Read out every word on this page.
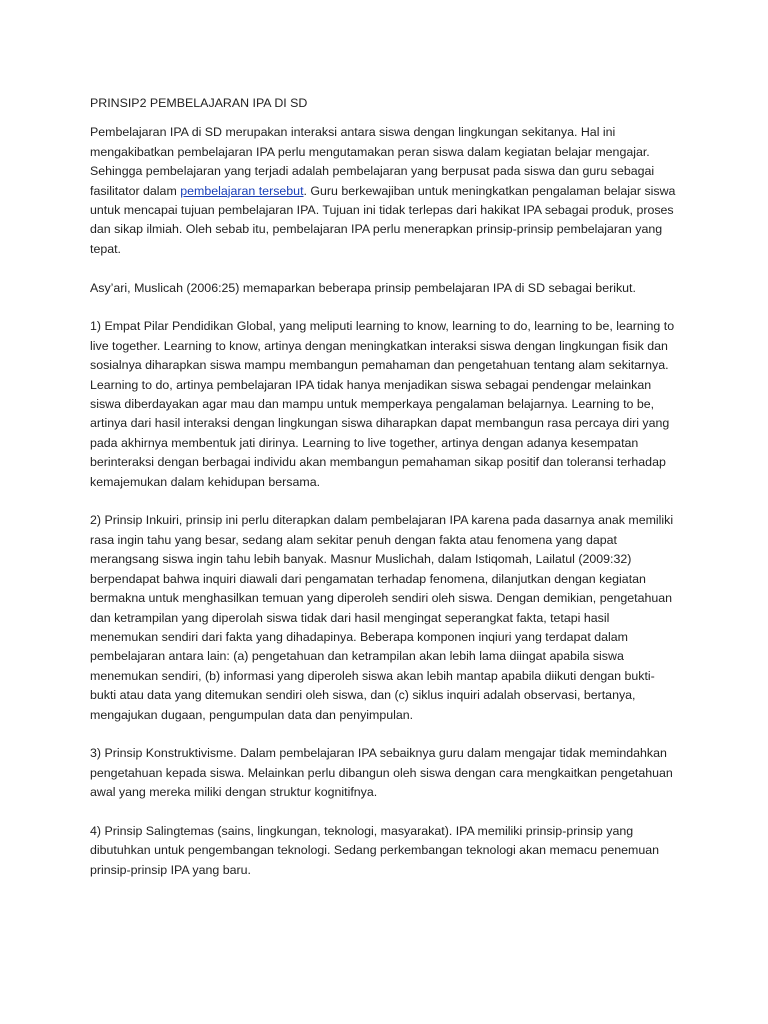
PRINSIP2 PEMBELAJARAN IPA DI SD

Pembelajaran IPA di SD merupakan interaksi antara siswa dengan lingkungan sekitanya. Hal ini mengakibatkan pembelajaran IPA perlu mengutamakan peran siswa dalam kegiatan belajar mengajar. Sehingga pembelajaran yang terjadi adalah pembelajaran yang berpusat pada siswa dan guru sebagai fasilitator dalam pembelajaran tersebut. Guru berkewajiban untuk meningkatkan pengalaman belajar siswa untuk mencapai tujuan pembelajaran IPA. Tujuan ini tidak terlepas dari hakikat IPA sebagai produk, proses dan sikap ilmiah. Oleh sebab itu, pembelajaran IPA perlu menerapkan prinsip-prinsip pembelajaran yang tepat.

Asy’ari, Muslicah (2006:25) memaparkan beberapa prinsip pembelajaran IPA di SD sebagai berikut.

1) Empat Pilar Pendidikan Global, yang meliputi learning to know, learning to do, learning to be, learning to live together. Learning to know, artinya dengan meningkatkan interaksi siswa dengan lingkungan fisik dan sosialnya diharapkan siswa mampu membangun pemahaman dan pengetahuan tentang alam sekitarnya. Learning to do, artinya pembelajaran IPA tidak hanya menjadikan siswa sebagai pendengar melainkan siswa diberdayakan agar mau dan mampu untuk memperkaya pengalaman belajarnya. Learning to be, artinya dari hasil interaksi dengan lingkungan siswa diharapkan dapat membangun rasa percaya diri yang pada akhirnya membentuk jati dirinya. Learning to live together, artinya dengan adanya kesempatan berinteraksi dengan berbagai individu akan membangun pemahaman sikap positif dan toleransi terhadap kemajemukan dalam kehidupan bersama.

2) Prinsip Inkuiri, prinsip ini perlu diterapkan dalam pembelajaran IPA karena pada dasarnya anak memiliki rasa ingin tahu yang besar, sedang alam sekitar penuh dengan fakta atau fenomena yang dapat merangsang siswa ingin tahu lebih banyak. Masnur Muslichah, dalam Istiqomah, Lailatul (2009:32) berpendapat bahwa inquiri diawali dari pengamatan terhadap fenomena, dilanjutkan dengan kegiatan bermakna untuk menghasilkan temuan yang diperoleh sendiri oleh siswa. Dengan demikian, pengetahuan dan ketrampilan yang diperolah siswa tidak dari hasil mengingat seperangkat fakta, tetapi hasil menemukan sendiri dari fakta yang dihadapinya. Beberapa komponen inqiuri yang terdapat dalam pembelajaran antara lain: (a) pengetahuan dan ketrampilan akan lebih lama diingat apabila siswa menemukan sendiri, (b) informasi yang diperoleh siswa akan lebih mantap apabila diikuti dengan bukti-bukti atau data yang ditemukan sendiri oleh siswa, dan (c) siklus inquiri adalah observasi, bertanya, mengajukan dugaan, pengumpulan data dan penyimpulan.

3) Prinsip Konstruktivisme. Dalam pembelajaran IPA sebaiknya guru dalam mengajar tidak memindahkan pengetahuan kepada siswa. Melainkan perlu dibangun oleh siswa dengan cara mengkaitkan pengetahuan awal yang mereka miliki dengan struktur kognitifnya.

4) Prinsip Salingtemas (sains, lingkungan, teknologi, masyarakat). IPA memiliki prinsip-prinsip yang dibutuhkan untuk pengembangan teknologi. Sedang perkembangan teknologi akan memacu penemuan prinsip-prinsip IPA yang baru.
